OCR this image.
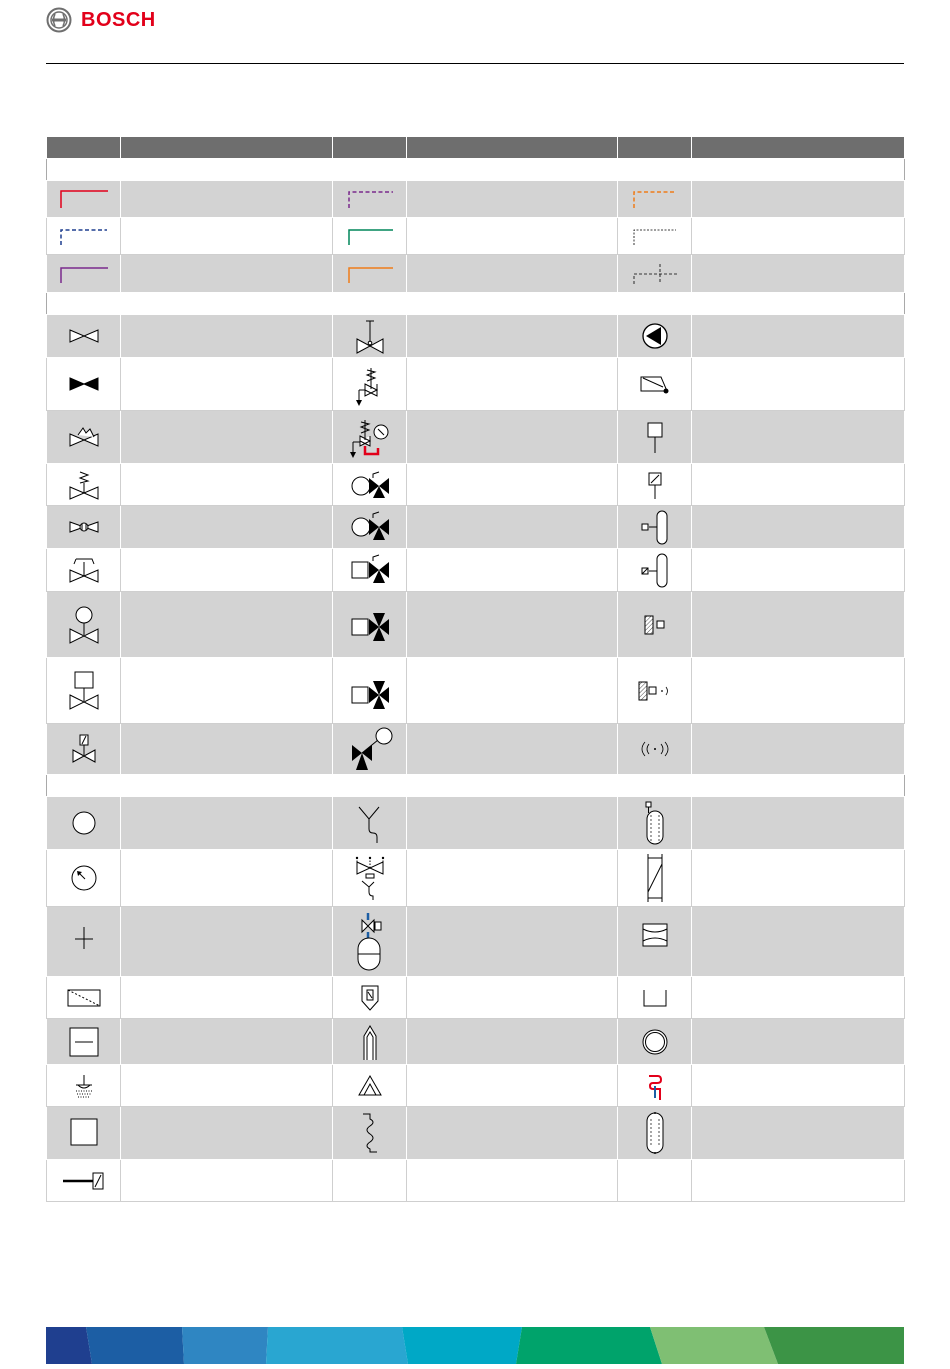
BOSCH
